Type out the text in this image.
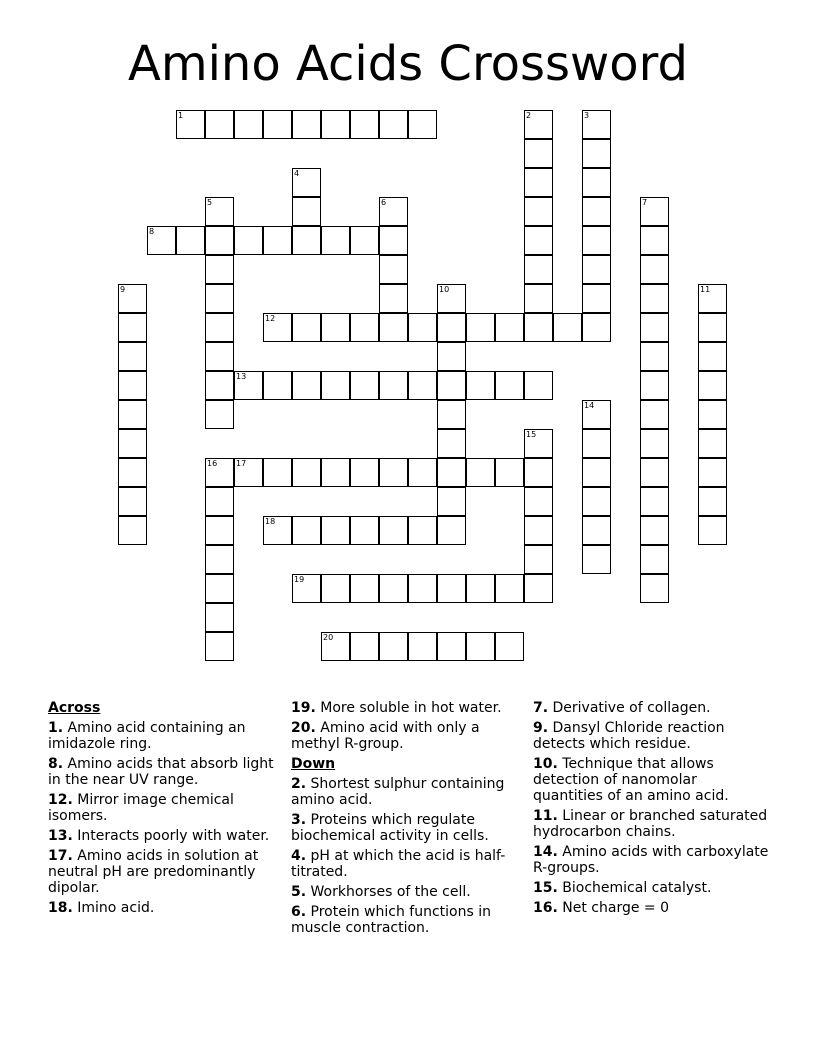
Amino Acids Crossword
1	2	3
4
5	6	7
8
9	10	11
12
13
14
15
16 17
18
19
20
Across
1. Amino acid containing an imidazole ring.
8. Amino acids that absorb light in the near UV range.
12. Mirror image chemical isomers.
13. Interacts poorly with water.
17. Amino acids in solution at neutral pH are predominantly dipolar.
18. Imino acid.
19. More soluble in hot water.
20. Amino acid with only a methyl R-group.
Down
2. Shortest sulphur containing amino acid.
3. Proteins which regulate biochemical activity in cells.
4. pH at which the acid is half-titrated.
5. Workhorses of the cell.
6. Protein which functions in muscle contraction.
7. Derivative of collagen.
9. Dansyl Chloride reaction detects which residue.
10. Technique that allows detection of nanomolar quantities of an amino acid.
11. Linear or branched saturated hydrocarbon chains.
14. Amino acids with carboxylate R-groups.
15. Biochemical catalyst.
16. Net charge = 0
